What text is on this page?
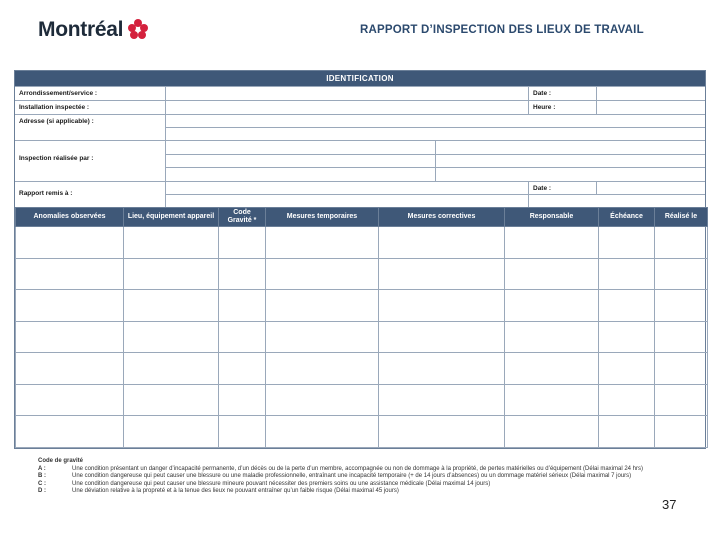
Montréal	RAPPORT D’INSPECTION DES LIEUX DE TRAVAIL
IDENTIFICATION
Arrondissement/service :	Date :
Installation inspectée :	Heure :
Adresse (si applicable) :
Inspection réalisée par :
Rapport remis à :
Date :
Anomalies observées	Lieu, équipement appareil	Code Gravité *	Mesures temporaires	Mesures correctives	Responsable	Échéance	Réalisé le

Code de gravité
A :	Une condition présentant un danger d’incapacité permanente, d’un décès ou de la perte d’un membre, accompagnée ou non de dommage à la propriété, de pertes matérielles ou d’équipement (Délai maximal 24 hrs)
B :	Une condition dangereuse qui peut causer une blessure ou une maladie professionnelle, entraînant une incapacité temporaire (+ de 14 jours d’absences) ou un dommage matériel sérieux (Délai maximal 7 jours)
C :	Une condition dangereuse qui peut causer une blessure mineure pouvant nécessiter des premiers soins ou une assistance médicale (Délai maximal 14 jours)
D :	Une déviation relative à la propreté et à la tenue des lieux ne pouvant entraîner qu’un faible risque (Délai maximal 45 jours)
37
